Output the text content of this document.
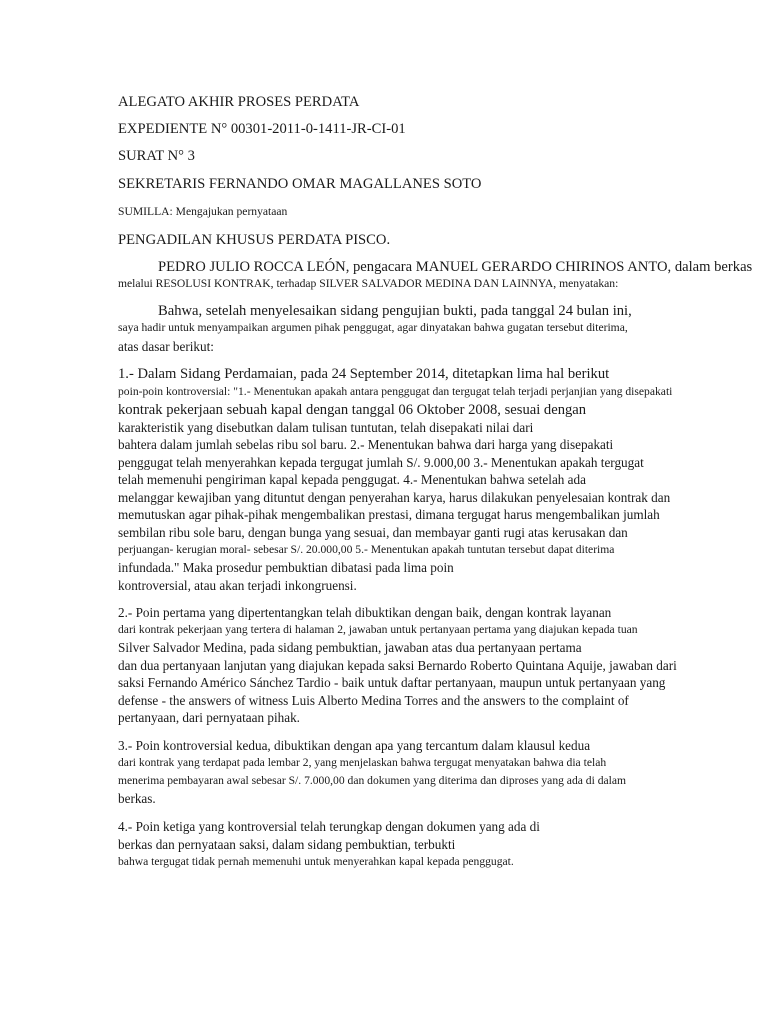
ALEGATO AKHIR PROSES PERDATA

EXPEDIENTE N° 00301-2011-0-1411-JR-CI-01

SURAT N° 3

SEKRETARIS FERNANDO OMAR MAGALLANES SOTO

SUMILLA: Mengajukan pernyataan

PENGADILAN KHUSUS PERDATA PISCO.

PEDRO JULIO ROCCA LEÓN, pengacara MANUEL GERARDO CHIRINOS ANTO, dalam berkas

melalui RESOLUSI KONTRAK, terhadap SILVER SALVADOR MEDINA DAN LAINNYA, menyatakan:

Bahwa, setelah menyelesaikan sidang pengujian bukti, pada tanggal 24 bulan ini,

saya hadir untuk menyampaikan argumen pihak penggugat, agar dinyatakan bahwa gugatan tersebut diterima,

atas dasar berikut:

1.- Dalam Sidang Perdamaian, pada 24 September 2014, ditetapkan lima hal berikut

poin-poin kontroversial: "1.- Menentukan apakah antara penggugat dan tergugat telah terjadi perjanjian yang disepakati

kontrak pekerjaan sebuah kapal dengan tanggal 06 Oktober 2008, sesuai dengan

karakteristik yang disebutkan dalam tulisan tuntutan, telah disepakati nilai dari

bahtera dalam jumlah sebelas ribu sol baru. 2.- Menentukan bahwa dari harga yang disepakati

penggugat telah menyerahkan kepada tergugat jumlah S/. 9.000,00 3.- Menentukan apakah tergugat

telah memenuhi pengiriman kapal kepada penggugat. 4.- Menentukan bahwa setelah ada

melanggar kewajiban yang dituntut dengan penyerahan karya, harus dilakukan penyelesaian kontrak dan

memutuskan agar pihak-pihak mengembalikan prestasi, dimana tergugat harus mengembalikan jumlah

sembilan ribu sole baru, dengan bunga yang sesuai, dan membayar ganti rugi atas kerusakan dan

perjuangan- kerugian moral- sebesar S/. 20.000,00 5.- Menentukan apakah tuntutan tersebut dapat diterima

infundada." Maka prosedur pembuktian dibatasi pada lima poin

kontroversial, atau akan terjadi inkongruensi.

2.- Poin pertama yang dipertentangkan telah dibuktikan dengan baik, dengan kontrak layanan

dari kontrak pekerjaan yang tertera di halaman 2, jawaban untuk pertanyaan pertama yang diajukan kepada tuan

Silver Salvador Medina, pada sidang pembuktian, jawaban atas dua pertanyaan pertama

dan dua pertanyaan lanjutan yang diajukan kepada saksi Bernardo Roberto Quintana Aquije, jawaban dari

saksi Fernando Américo Sánchez Tardio - baik untuk daftar pertanyaan, maupun untuk pertanyaan yang

defense - the answers of witness Luis Alberto Medina Torres and the answers to the complaint of

pertanyaan, dari pernyataan pihak.

3.- Poin kontroversial kedua, dibuktikan dengan apa yang tercantum dalam klausul kedua

dari kontrak yang terdapat pada lembar 2, yang menjelaskan bahwa tergugat menyatakan bahwa dia telah

menerima pembayaran awal sebesar S/. 7.000,00 dan dokumen yang diterima dan diproses yang ada di dalam

berkas.

4.- Poin ketiga yang kontroversial telah terungkap dengan dokumen yang ada di

berkas dan pernyataan saksi, dalam sidang pembuktian, terbukti

bahwa tergugat tidak pernah memenuhi untuk menyerahkan kapal kepada penggugat.
